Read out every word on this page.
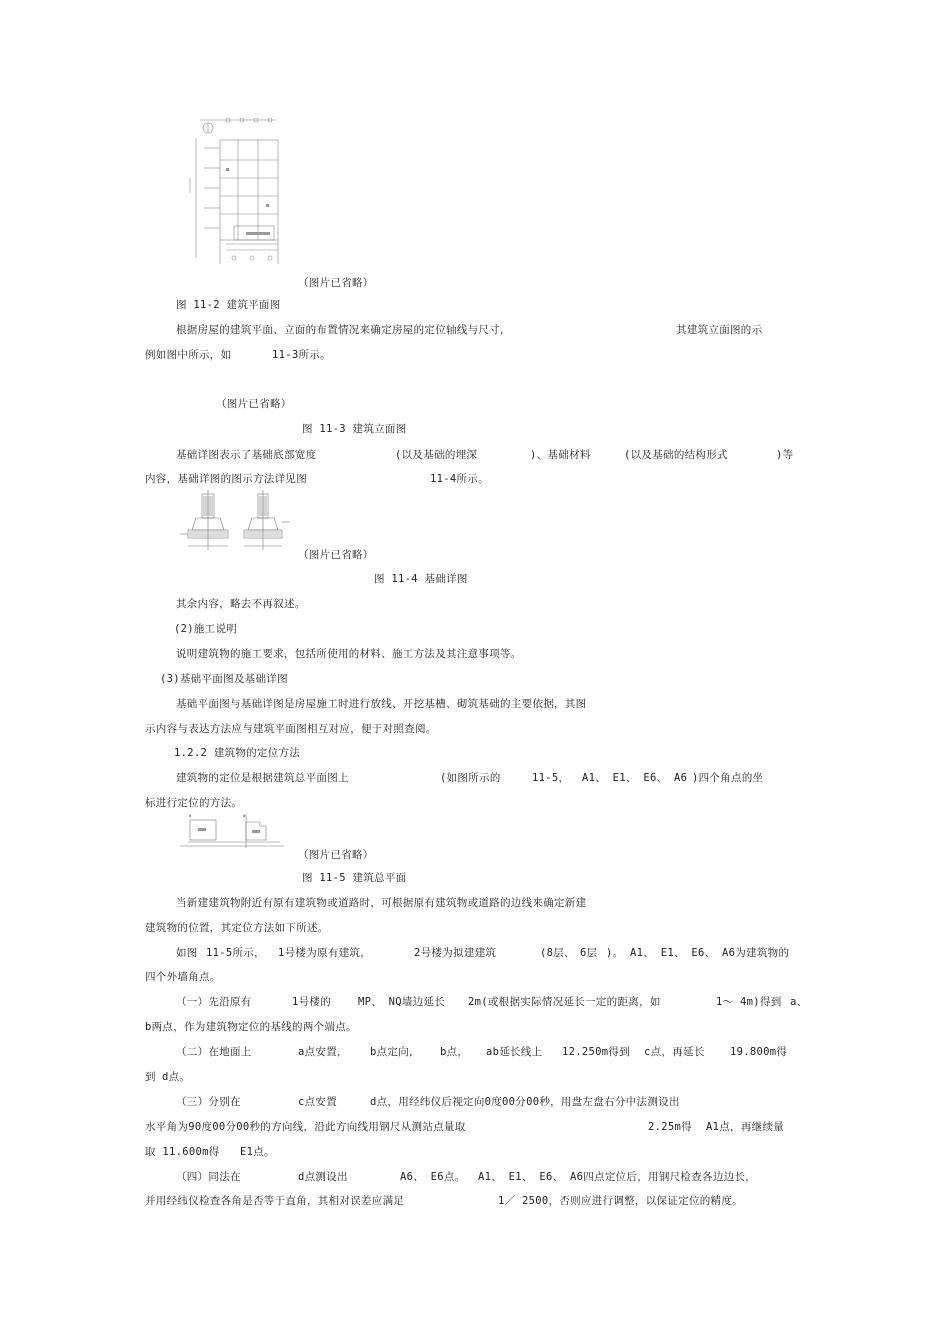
（图片已省略）
图 11-2 建筑平面图
根据房屋的建筑平面、立面的布置情况来确定房屋的定位轴线与尺寸，	其建筑立面图的示
例如图中所示，如	11-3所示。
（图片已省略）
图 11-3 建筑立面图
基础详图表示了基础底部宽度	(以及基础的埋深	)、基础材料	(以及基础的结构形式	)等
内容，基础详图的图示方法详见图	11-4所示。
（图片已省略）
图 11-4 基础详图
其余内容，略去不再叙述。
(2)施工说明
说明建筑物的施工要求，包括所使用的材料、施工方法及其注意事项等。
(3)基础平面图及基础详图
基础平面图与基础详图是房屋施工时进行放线、开挖基槽、砌筑基础的主要依据，其图
示内容与表达方法应与建筑平面图相互对应，便于对照查阅。
1.2.2 建筑物的定位方法
建筑物的定位是根据建筑总平面图上	(如图所示的	11-5， A1、 E1、 E6、 A6 )四个角点的坐
标进行定位的方法。
（图片已省略）
图 11-5 建筑总平面
当新建建筑物附近有原有建筑物或道路时，可根据原有建筑物或道路的边线来确定新建
建筑物的位置，其定位方法如下所述。
如图 11-5所示， 1号楼为原有建筑，	2号楼为拟建建筑	(8层、 6层 )。 A1、 E1、 E6、 A6为建筑物的
四个外墙角点。
（一）先沿原有	1号楼的	MP、 NQ墙边延长 2m(或根据实际情况延长一定的距离，如	1～ 4m)得到 a、
b两点，作为建筑物定位的基线的两个端点。
（二）在地面上	a点安置， b点定向， b点， ab延长线上 12.250m得到 c点，再延长 19.800m得
到 d点。
（三）分别在	c点安置	d点，用经纬仪后视定向0度00分00秒，用盘左盘右分中法测设出
水平角为90度00分00秒的方向线，沿此方向线用钢尺从测站点量取	2.25m得 A1点，再继续量
取 11.600m得 E1点。
（四）同法在	d点测设出	A6、 E6点。 A1、 E1、 E6、 A6四点定位后，用钢尺检查各边边长，
并用经纬仪检查各角是否等于直角，其相对误差应满足	1／ 2500，否则应进行调整，以保证定位的精度。
